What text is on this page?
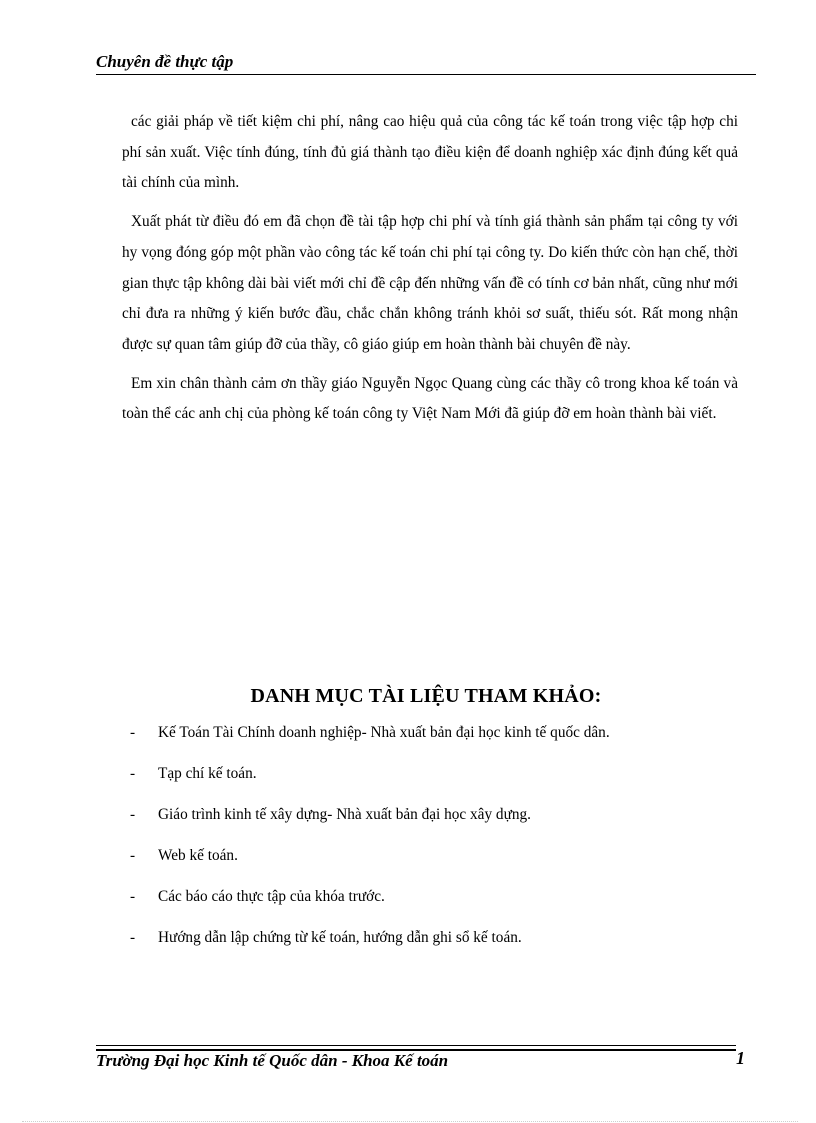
Chuyên đề thực tập

các giải pháp về tiết kiệm chi phí, nâng cao hiệu quả của công tác kế toán trong việc tập hợp chi phí sản xuất. Việc tính đúng, tính đủ giá thành tạo điều kiện để doanh nghiệp xác định đúng kết quả tài chính của mình.

Xuất phát từ điều đó em đã chọn đề tài tập hợp chi phí và tính giá thành sản phẩm tại công ty với hy vọng đóng góp một phần vào công tác kế toán chi phí tại công ty. Do kiến thức còn hạn chế, thời gian thực tập không dài bài viết mới chỉ đề cập đến những vấn đề có tính cơ bản nhất, cũng như mới chỉ đưa ra những ý kiến bước đầu, chắc chắn không tránh khỏi sơ suất, thiếu sót. Rất mong nhận được sự quan tâm giúp đỡ của thầy, cô giáo giúp em hoàn thành bài chuyên đề này.

Em xin chân thành cảm ơn thầy giáo Nguyễn Ngọc Quang cùng các thầy cô trong khoa kế toán và toàn thể các anh chị của phòng kế toán công ty Việt Nam Mới đã giúp đỡ em hoàn thành bài viết.

DANH MỤC TÀI LIỆU THAM KHẢO:
- Kế Toán Tài Chính doanh nghiệp- Nhà xuất bản đại học kinh tế quốc dân.
- Tạp chí kế toán.
- Giáo trình kinh tế xây dựng- Nhà xuất bản đại học xây dựng.
- Web kế toán.
- Các báo cáo thực tập của khóa trước.
- Hướng dẫn lập chứng từ kế toán, hướng dẫn ghi sổ kế toán.
Trường Đại học Kinh tế Quốc dân - Khoa Kế toán	1
